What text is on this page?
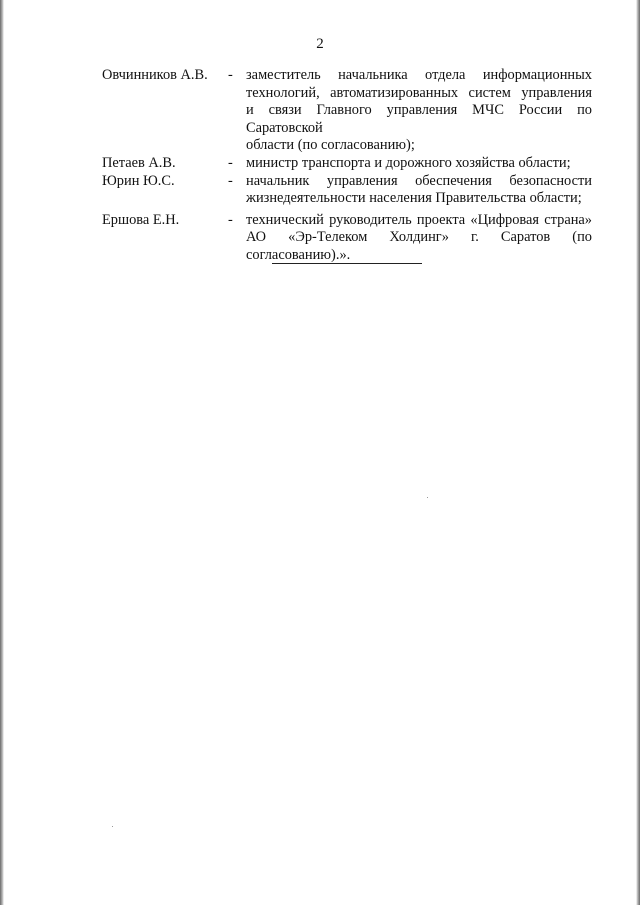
2
Овчинников А.В.	- заместитель начальника отдела информационных
технологий, автоматизированных систем управления
и связи Главного управления МЧС России по Саратовской
области (по согласованию);
Петаев А.В.	- министр транспорта и дорожного хозяйства области;
Юрин Ю.С.	- начальник управления обеспечения безопасности
жизнедеятельности населения Правительства области;
Ершова Е.Н.	- технический руководитель проекта «Цифровая страна»
АО «Эр-Телеком Холдинг» г. Саратов (по согласованию).».
